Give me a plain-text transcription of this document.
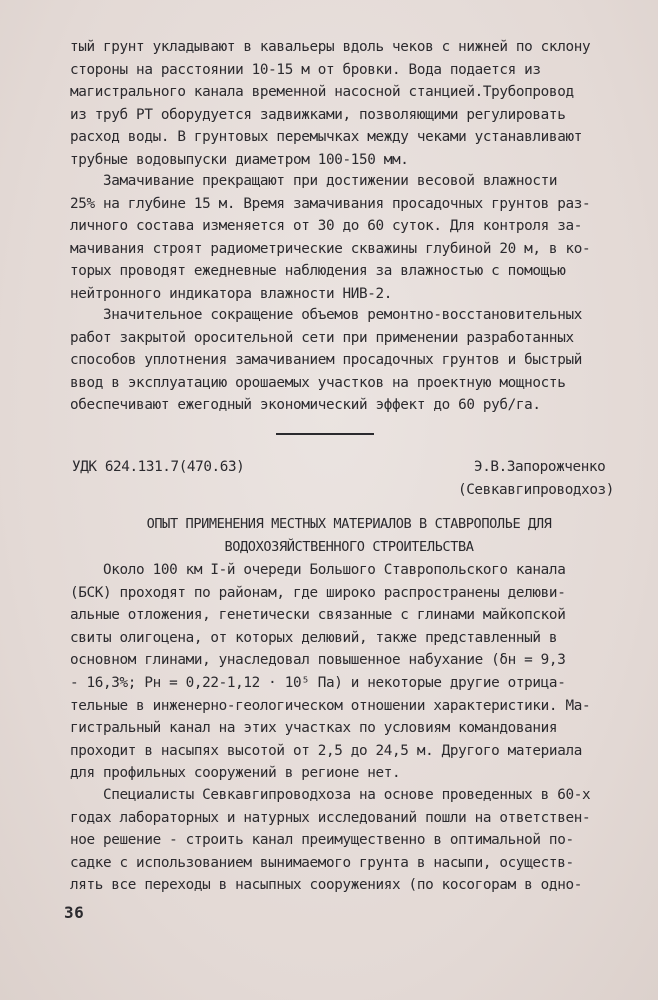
тый грунт укладывают в кавальеры вдоль чеков с нижней по склону
стороны на расстоянии 10-15 м от бровки. Вода подается из
магистрального канала временной насосной станцией.Трубопровод
из труб РТ оборудуется задвижками, позволяющими регулировать
расход воды. В грунтовых перемычках между чеками устанавливают
трубные водовыпуски диаметром 100-150 мм.
Замачивание прекращают при достижении весовой влажности
25% на глубине 15 м. Время замачивания просадочных грунтов раз-
личного состава изменяется от 30 до 60 суток. Для контроля за-
мачивания строят радиометрические скважины глубиной 20 м, в ко-
торых проводят ежедневные наблюдения за влажностью с помощью
нейтронного индикатора влажности НИВ-2.
Значительное сокращение объемов ремонтно-восстановительных
работ закрытой оросительной сети при применении разработанных
способов уплотнения замачиванием просадочных грунтов и быстрый
ввод в эксплуатацию орошаемых участков на проектную мощность
обеспечивают ежегодный экономический эффект до 60 руб/га.
УДК 624.131.7(470.63)	Э.В.Запорожченко
(Севкавгипроводхоз)
ОПЫТ ПРИМЕНЕНИЯ МЕСТНЫХ МАТЕРИАЛОВ В СТАВРОПОЛЬЕ ДЛЯ
ВОДОХОЗЯЙСТВЕННОГО СТРОИТЕЛЬСТВА
Около 100 км I-й очереди Большого Ставропольского канала
(БСК) проходят по районам, где широко распространены делюви-
альные отложения, генетически связанные с глинами майкопской
свиты олигоцена, от которых делювий, также представленный в
основном глинами, унаследовал повышенное набухание (δн = 9,3
- 16,3%; Рн = 0,22-1,12 · 10⁵ Па) и некоторые другие отрица-
тельные в инженерно-геологическом отношении характеристики. Ма-
гистральный канал на этих участках по условиям командования
проходит в насыпях высотой от 2,5 до 24,5 м. Другого материала
для профильных сооружений в регионе нет.
Специалисты Севкавгипроводхоза на основе проведенных в 60-х
годах лабораторных и натурных исследований пошли на ответствен-
ное решение - строить канал преимущественно в оптимальной по-
садке с использованием вынимаемого грунта в насыпи, осуществ-
лять все переходы в насыпных сооружениях (по косогорам в одно-
36
